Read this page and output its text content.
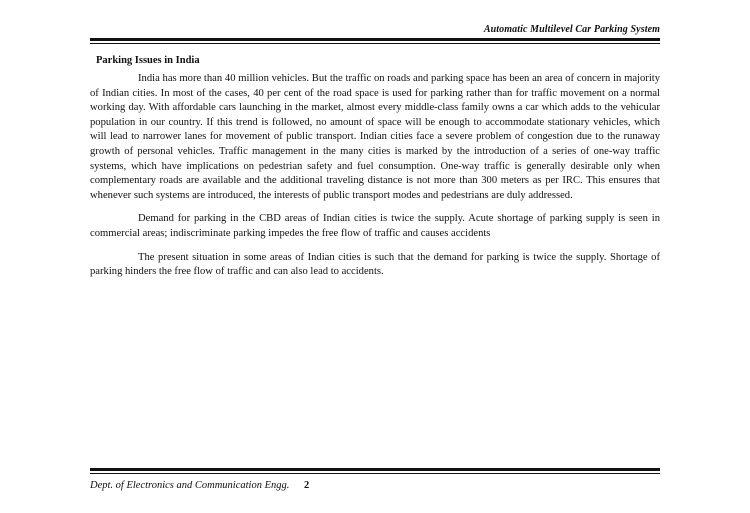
Automatic Multilevel Car Parking System
Parking Issues in India

India has more than 40 million vehicles. But the traffic on roads and parking space has been an area of concern in majority of Indian cities. In most of the cases, 40 per cent of the road space is used for parking rather than for traffic movement on a normal working day. With affordable cars launching in the market, almost every middle-class family owns a car which adds to the vehicular population in our country. If this trend is followed, no amount of space will be enough to accommodate stationary vehicles, which will lead to narrower lanes for movement of public transport. Indian cities face a severe problem of congestion due to the runaway growth of personal vehicles. Traffic management in the many cities is marked by the introduction of a series of one-way traffic systems, which have implications on pedestrian safety and fuel consumption. One-way traffic is generally desirable only when complementary roads are available and the additional traveling distance is not more than 300 meters as per IRC. This ensures that whenever such systems are introduced, the interests of public transport modes and pedestrians are duly addressed.

Demand for parking in the CBD areas of Indian cities is twice the supply. Acute shortage of parking supply is seen in commercial areas; indiscriminate parking impedes the free flow of traffic and causes accidents

The present situation in some areas of Indian cities is such that the demand for parking is twice the supply. Shortage of parking hinders the free flow of traffic and can also lead to accidents.

Dept. of Electronics and Communication Engg. 2
